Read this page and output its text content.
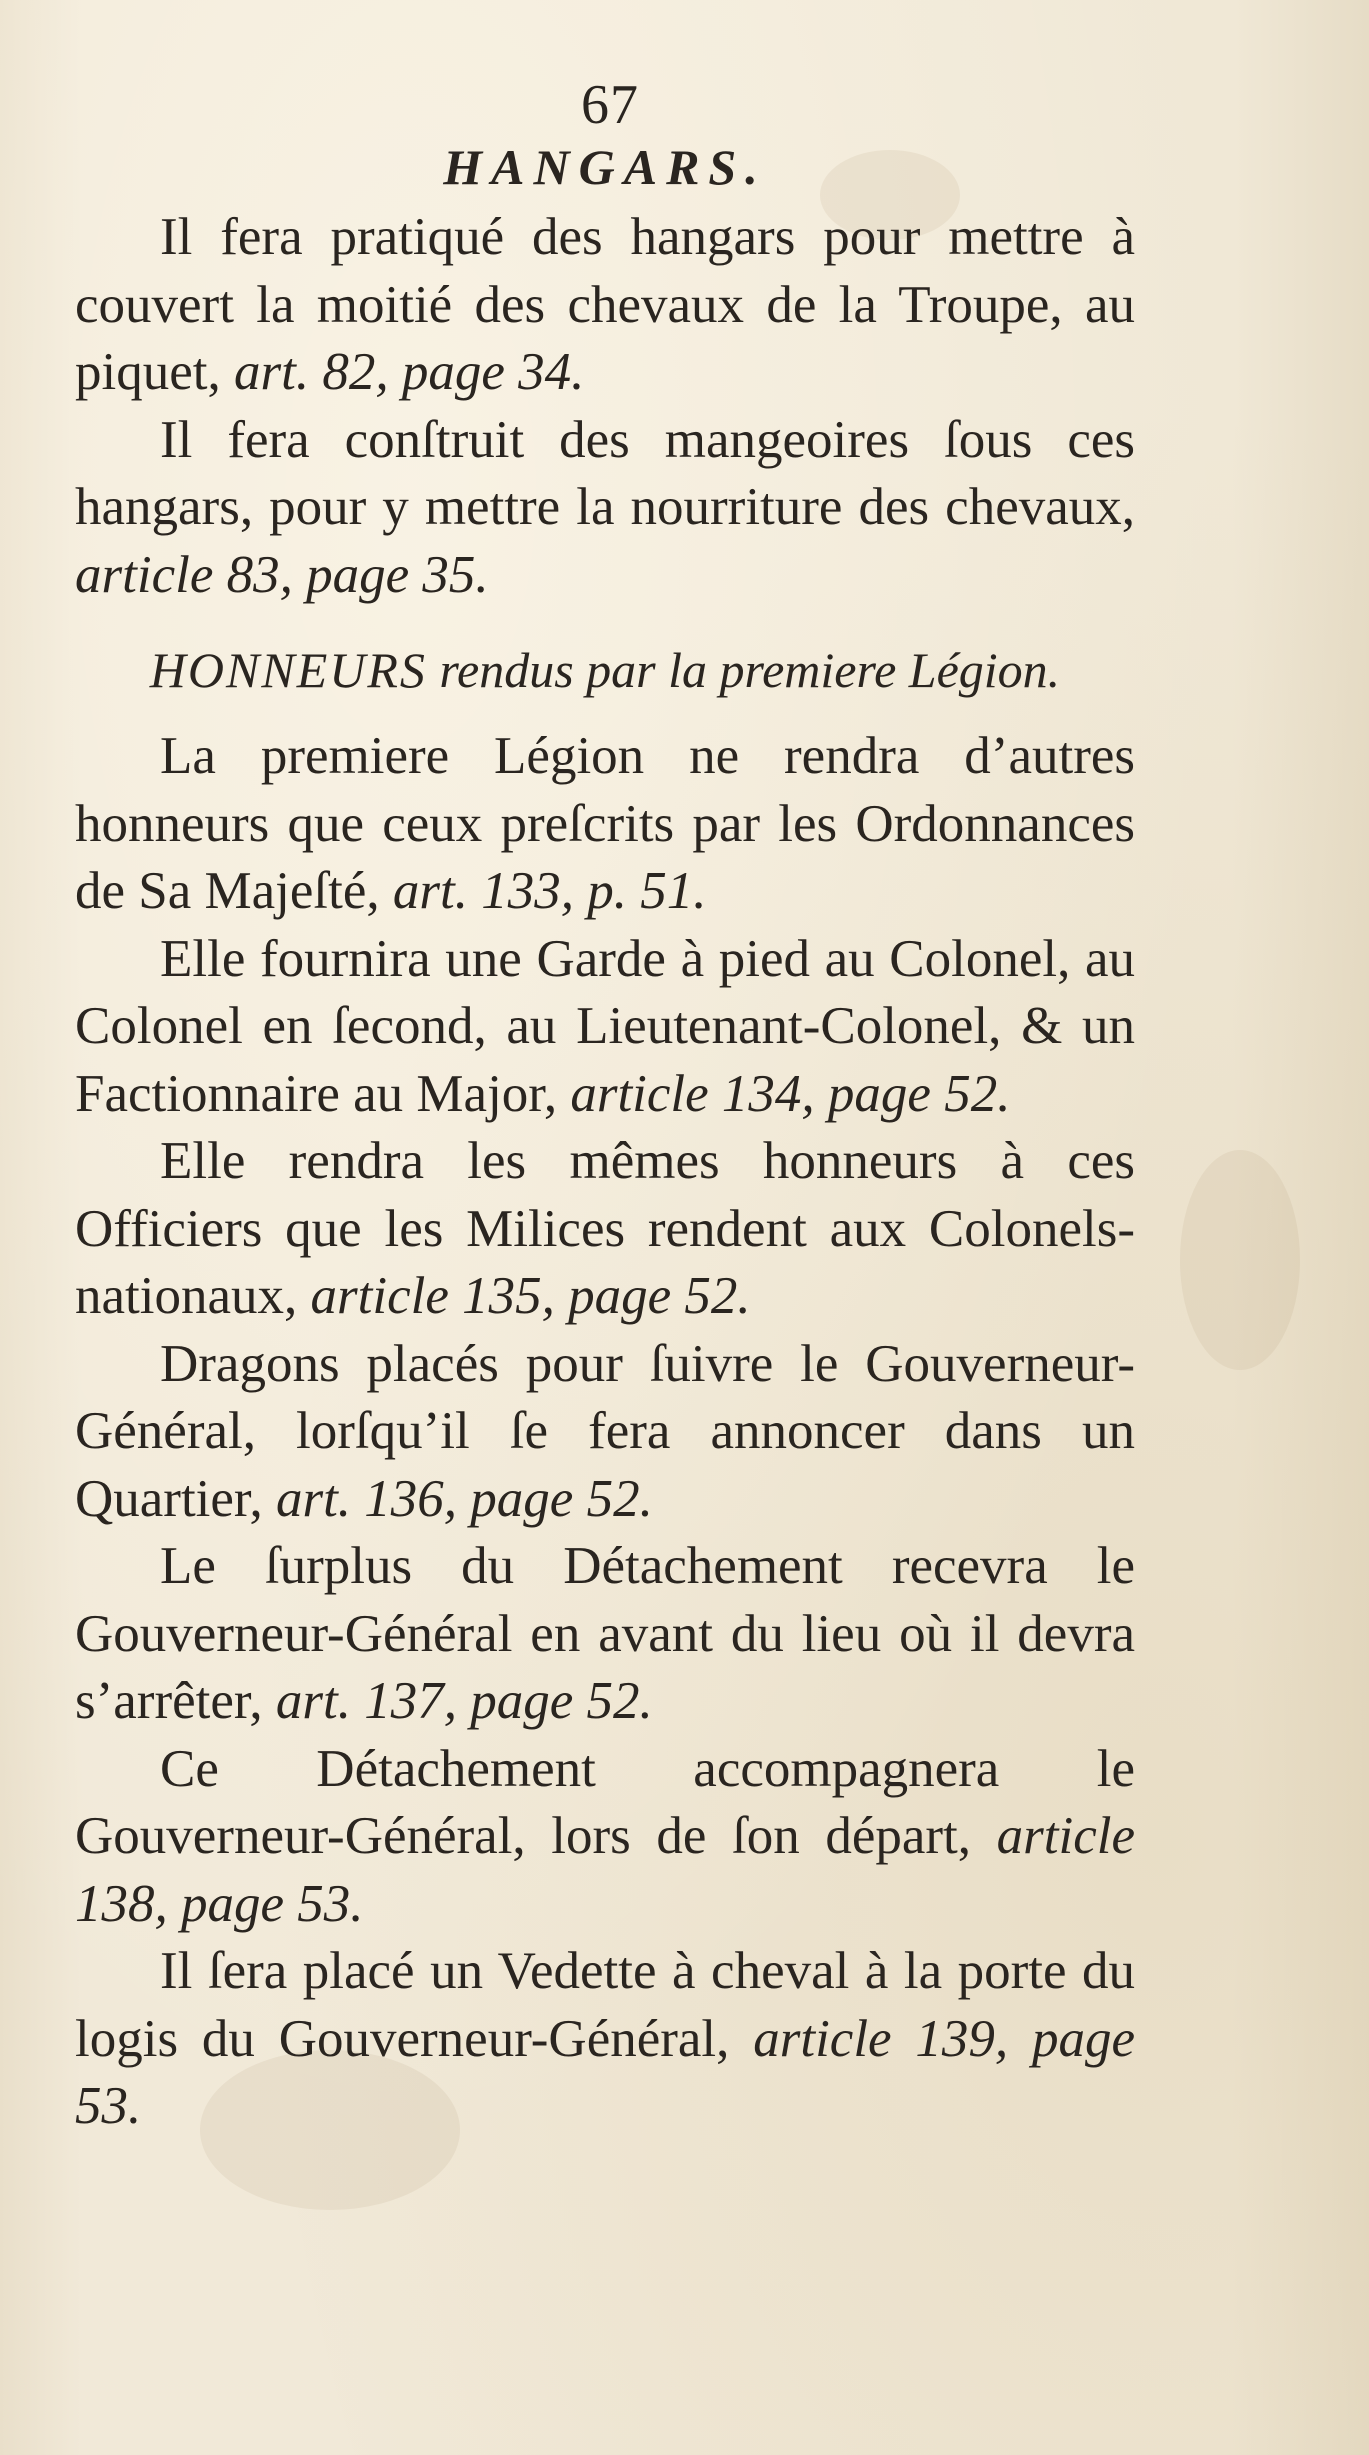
67
HANGARS.

Il fera pratiqué des hangars pour mettre à couvert la moitié des chevaux de la Troupe, au piquet, art. 82, page 34.

Il fera conſtruit des mangeoires ſous ces hangars, pour y mettre la nourriture des chevaux, article 83, page 35.

HONNEURS rendus par la premiere Légion.

La premiere Légion ne rendra d’autres honneurs que ceux preſcrits par les Ordonnances de Sa Majeſté, art. 133, p. 51.

Elle fournira une Garde à pied au Colonel, au Colonel en ſecond, au Lieutenant-Colonel, & un Factionnaire au Major, article 134, page 52.

Elle rendra les mêmes honneurs à ces Officiers que les Milices rendent aux Colonels-nationaux, article 135, page 52.

Dragons placés pour ſuivre le Gouverneur-Général, lorſqu’il ſe fera annoncer dans un Quartier, art. 136, page 52.

Le ſurplus du Détachement recevra le Gouverneur-Général en avant du lieu où il devra s’arrêter, art. 137, page 52.

Ce Détachement accompagnera le Gouverneur-Général, lors de ſon départ, article 138, page 53.

Il ſera placé un Vedette à cheval à la porte du logis du Gouverneur-Général, article 139, page 53.
